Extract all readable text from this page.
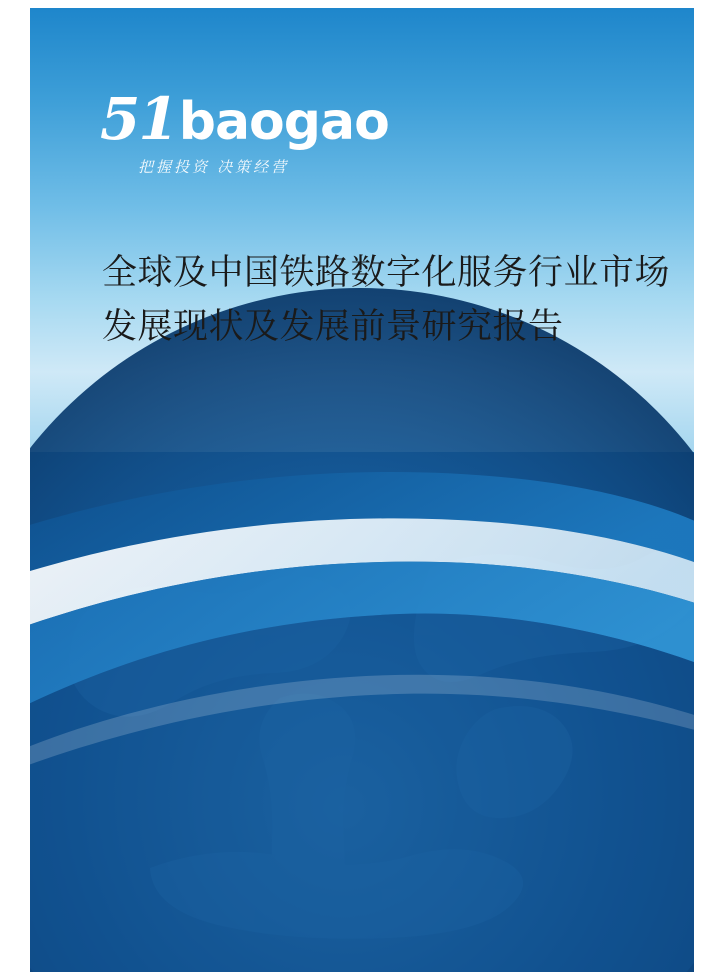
51 baogao
把握投资 决策经营
全球及中国铁路数字化服务行业市场
发展现状及发展前景研究报告
